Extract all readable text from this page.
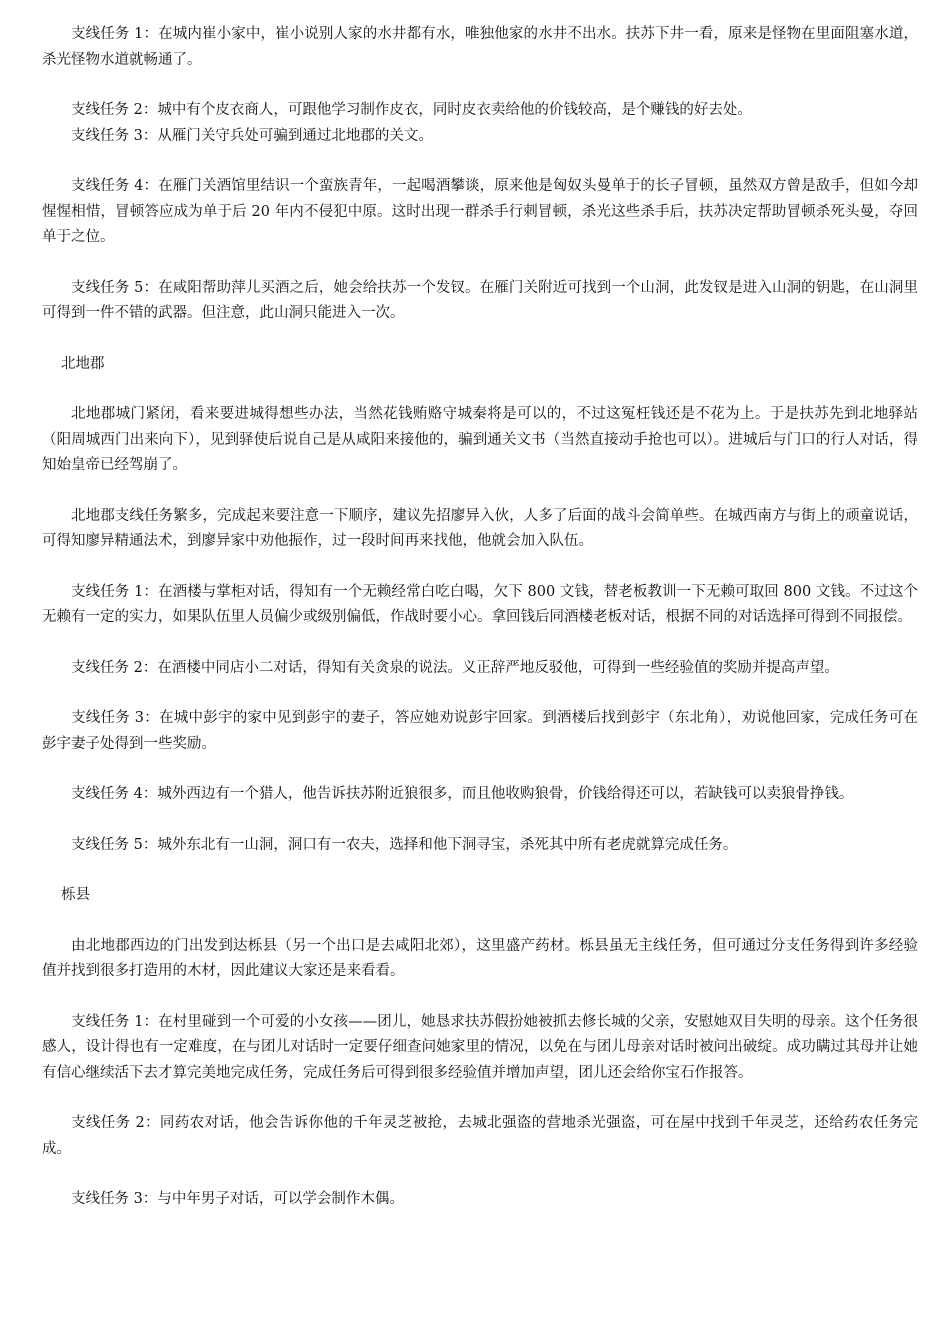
支线任务 1：在城内崔小家中，崔小说别人家的水井都有水，唯独他家的水井不出水。扶苏下井一看，原来是怪物在里面阻塞水道，杀光怪物水道就畅通了。

支线任务 2：城中有个皮衣商人，可跟他学习制作皮衣，同时皮衣卖给他的价钱较高，是个赚钱的好去处。

支线任务 3：从雁门关守兵处可骗到通过北地郡的关文。

支线任务 4：在雁门关酒馆里结识一个蛮族青年，一起喝酒攀谈，原来他是匈奴头曼单于的长子冒顿，虽然双方曾是敌手，但如今却惺惺相惜，冒顿答应成为单于后 20 年内不侵犯中原。这时出现一群杀手行刺冒顿，杀光这些杀手后，扶苏决定帮助冒顿杀死头曼，夺回单于之位。

支线任务 5：在咸阳帮助萍儿买酒之后，她会给扶苏一个发钗。在雁门关附近可找到一个山洞，此发钗是进入山洞的钥匙，在山洞里可得到一件不错的武器。但注意，此山洞只能进入一次。

北地郡

北地郡城门紧闭，看来要进城得想些办法，当然花钱贿赂守城秦将是可以的，不过这冤枉钱还是不花为上。于是扶苏先到北地驿站（阳周城西门出来向下），见到驿使后说自己是从咸阳来接他的，骗到通关文书（当然直接动手抢也可以）。进城后与门口的行人对话，得知始皇帝已经驾崩了。

北地郡支线任务繁多，完成起来要注意一下顺序，建议先招廖异入伙，人多了后面的战斗会简单些。在城西南方与街上的顽童说话，可得知廖异精通法术，到廖异家中劝他振作，过一段时间再来找他，他就会加入队伍。

支线任务 1：在酒楼与掌柜对话，得知有一个无赖经常白吃白喝，欠下 800 文钱，替老板教训一下无赖可取回 800 文钱。不过这个无赖有一定的实力，如果队伍里人员偏少或级别偏低，作战时要小心。拿回钱后同酒楼老板对话，根据不同的对话选择可得到不同报偿。

支线任务 2：在酒楼中同店小二对话，得知有关贪泉的说法。义正辞严地反驳他，可得到一些经验值的奖励并提高声望。

支线任务 3：在城中彭宇的家中见到彭宇的妻子，答应她劝说彭宇回家。到酒楼后找到彭宇（东北角），劝说他回家，完成任务可在彭宇妻子处得到一些奖励。

支线任务 4：城外西边有一个猎人，他告诉扶苏附近狼很多，而且他收购狼骨，价钱给得还可以，若缺钱可以卖狼骨挣钱。

支线任务 5：城外东北有一山洞，洞口有一农夫，选择和他下洞寻宝，杀死其中所有老虎就算完成任务。

栎县

由北地郡西边的门出发到达栎县（另一个出口是去咸阳北郊），这里盛产药材。栎县虽无主线任务，但可通过分支任务得到许多经验值并找到很多打造用的木材，因此建议大家还是来看看。

支线任务 1：在村里碰到一个可爱的小女孩——团儿，她恳求扶苏假扮她被抓去修长城的父亲，安慰她双目失明的母亲。这个任务很感人，设计得也有一定难度，在与团儿对话时一定要仔细查问她家里的情况，以免在与团儿母亲对话时被问出破绽。成功瞒过其母并让她有信心继续活下去才算完美地完成任务，完成任务后可得到很多经验值并增加声望，团儿还会给你宝石作报答。

支线任务 2：同药农对话，他会告诉你他的千年灵芝被抢，去城北强盗的营地杀光强盗，可在屋中找到千年灵芝，还给药农任务完成。

支线任务 3：与中年男子对话，可以学会制作木偶。
